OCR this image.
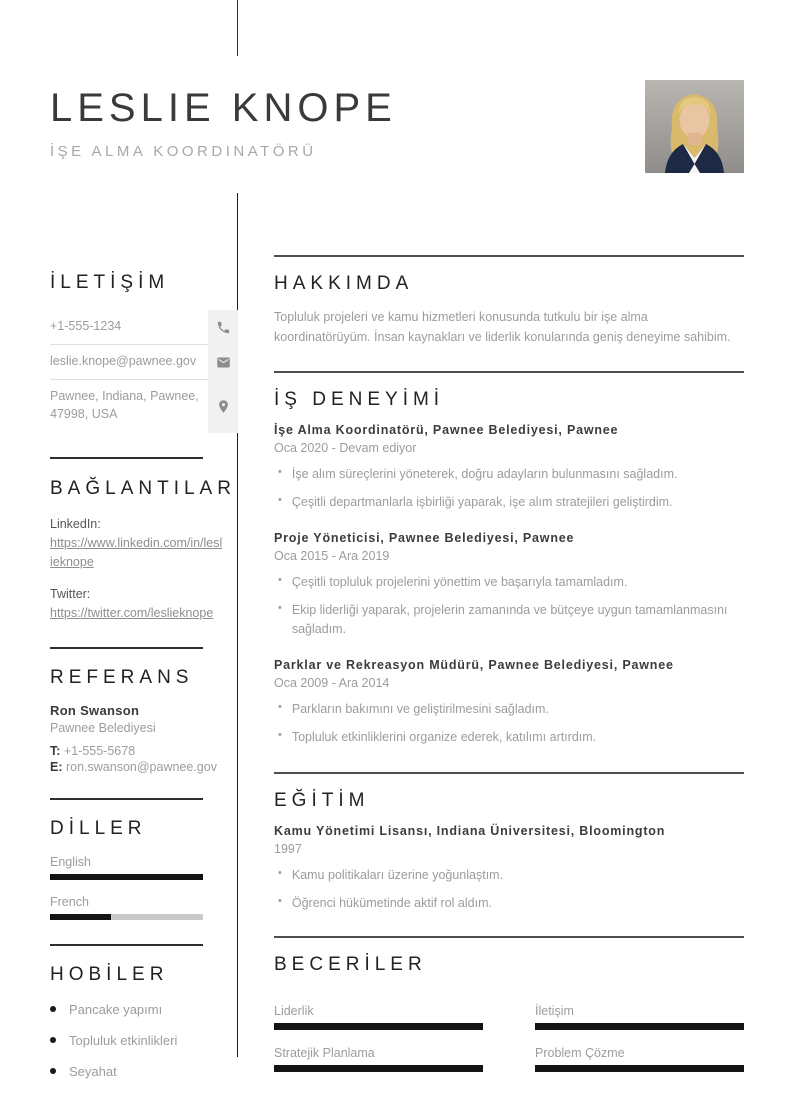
LESLIE KNOPE
İŞE ALMA KOORDINATÖRÜ
İLETİŞİM
+1-555-1234
leslie.knope@pawnee.gov
Pawnee, Indiana, Pawnee, 47998, USA
BAĞLANTILAR
LinkedIn:
https://www.linkedin.com/in/leslieknope
Twitter:
https://twitter.com/leslieknope
REFERANS
Ron Swanson
Pawnee Belediyesi
T: +1-555-5678
E: ron.swanson@pawnee.gov
DİLLER
English
French
HOBİLER
Pancake yapımı
Topluluk etkinlikleri
Seyahat
HAKKIMDA
Topluluk projeleri ve kamu hizmetleri konusunda tutkulu bir işe alma koordinatörüyüm. İnsan kaynakları ve liderlik konularında geniş deneyime sahibim.
İŞ DENEYİMİ
İşe Alma Koordinatörü, Pawnee Belediyesi, Pawnee
Oca 2020 - Devam ediyor
• İşe alım süreçlerini yöneterek, doğru adayların bulunmasını sağladım.
• Çeşitli departmanlarla işbirliği yaparak, işe alım stratejileri geliştirdim.
Proje Yöneticisi, Pawnee Belediyesi, Pawnee
Oca 2015 - Ara 2019
• Çeşitli topluluk projelerini yönettim ve başarıyla tamamladım.
• Ekip liderliği yaparak, projelerin zamanında ve bütçeye uygun tamamlanmasını sağladım.
Parklar ve Rekreasyon Müdürü, Pawnee Belediyesi, Pawnee
Oca 2009 - Ara 2014
• Parkların bakımını ve geliştirilmesini sağladım.
• Topluluk etkinliklerini organize ederek, katılımı artırdım.
EĞİTİM
Kamu Yönetimi Lisansı, Indiana Üniversitesi, Bloomington
1997
• Kamu politikaları üzerine yoğunlaştım.
• Öğrenci hükümetinde aktif rol aldım.
BECERİLER
Liderlik	İletişim
Stratejik Planlama	Problem Çözme
